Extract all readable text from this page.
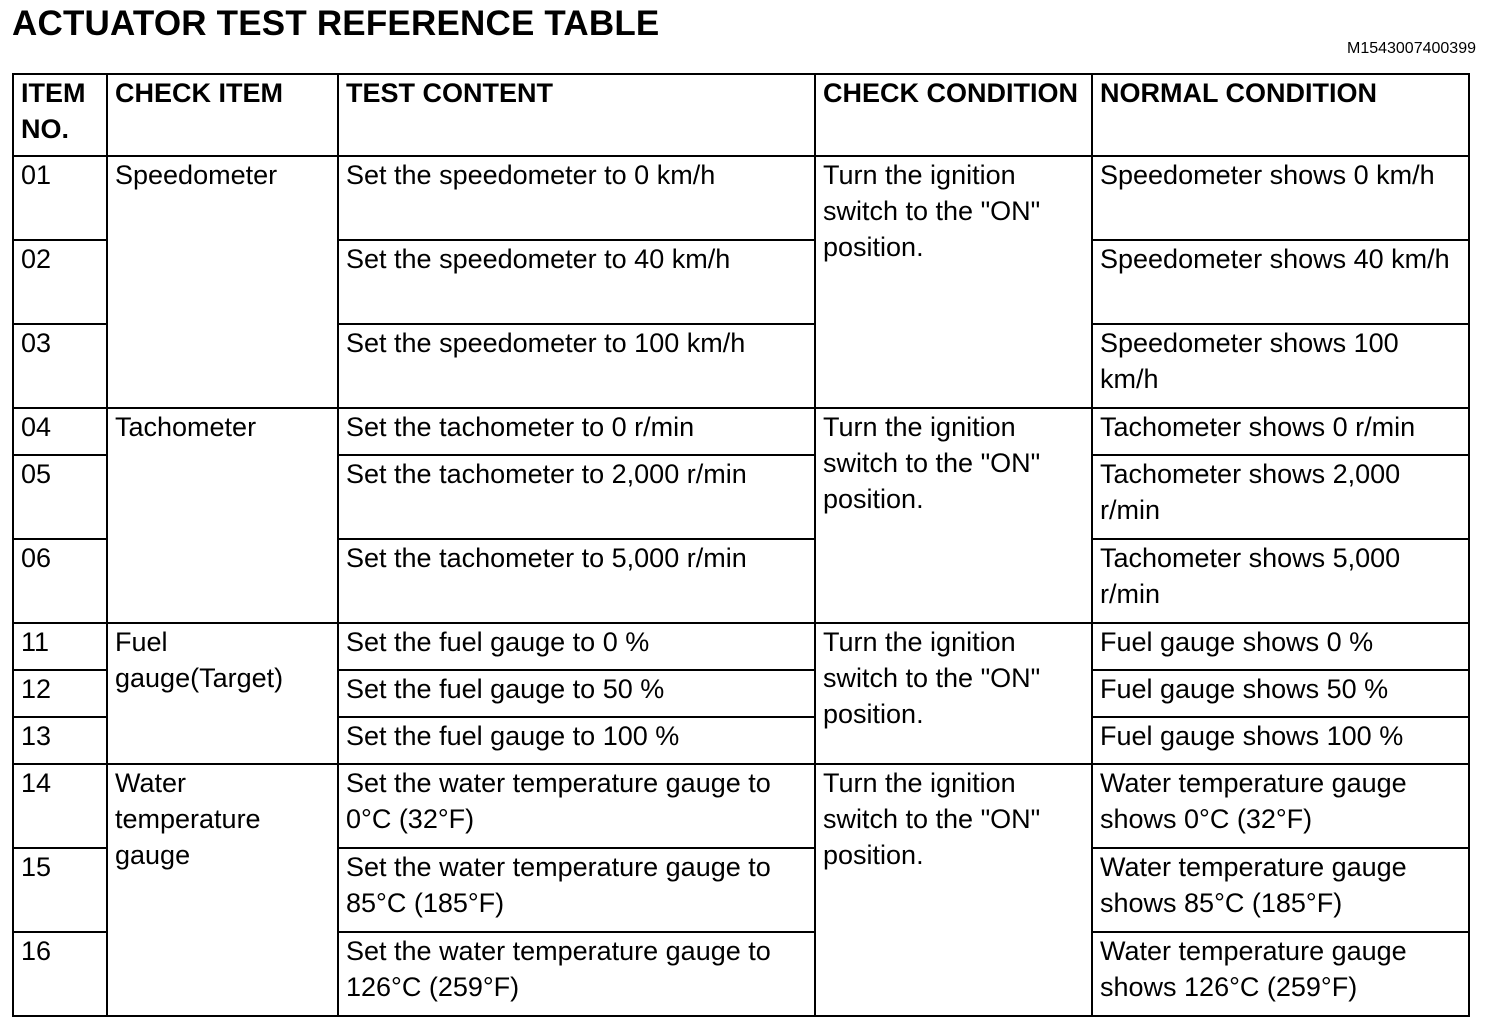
ACTUATOR TEST REFERENCE TABLE
M1543007400399
ITEM NO.	CHECK ITEM	TEST CONTENT	CHECK CONDITION	NORMAL CONDITION
01	Speedometer	Set the speedometer to 0 km/h	Turn the ignition switch to the "ON" position.	Speedometer shows 0 km/h
02		Set the speedometer to 40 km/h		Speedometer shows 40 km/h
03		Set the speedometer to 100 km/h		Speedometer shows 100 km/h
04	Tachometer	Set the tachometer to 0 r/min	Turn the ignition switch to the "ON" position.	Tachometer shows 0 r/min
05		Set the tachometer to 2,000 r/min		Tachometer shows 2,000 r/min
06		Set the tachometer to 5,000 r/min		Tachometer shows 5,000 r/min
11	Fuel gauge(Target)	Set the fuel gauge to 0 %	Turn the ignition switch to the "ON" position.	Fuel gauge shows 0 %
12		Set the fuel gauge to 50 %		Fuel gauge shows 50 %
13		Set the fuel gauge to 100 %		Fuel gauge shows 100 %
14	Water temperature gauge	Set the water temperature gauge to 0°C (32°F)	Turn the ignition switch to the "ON" position.	Water temperature gauge shows 0°C (32°F)
15		Set the water temperature gauge to 85°C (185°F)		Water temperature gauge shows 85°C (185°F)
16		Set the water temperature gauge to 126°C (259°F)		Water temperature gauge shows 126°C (259°F)
